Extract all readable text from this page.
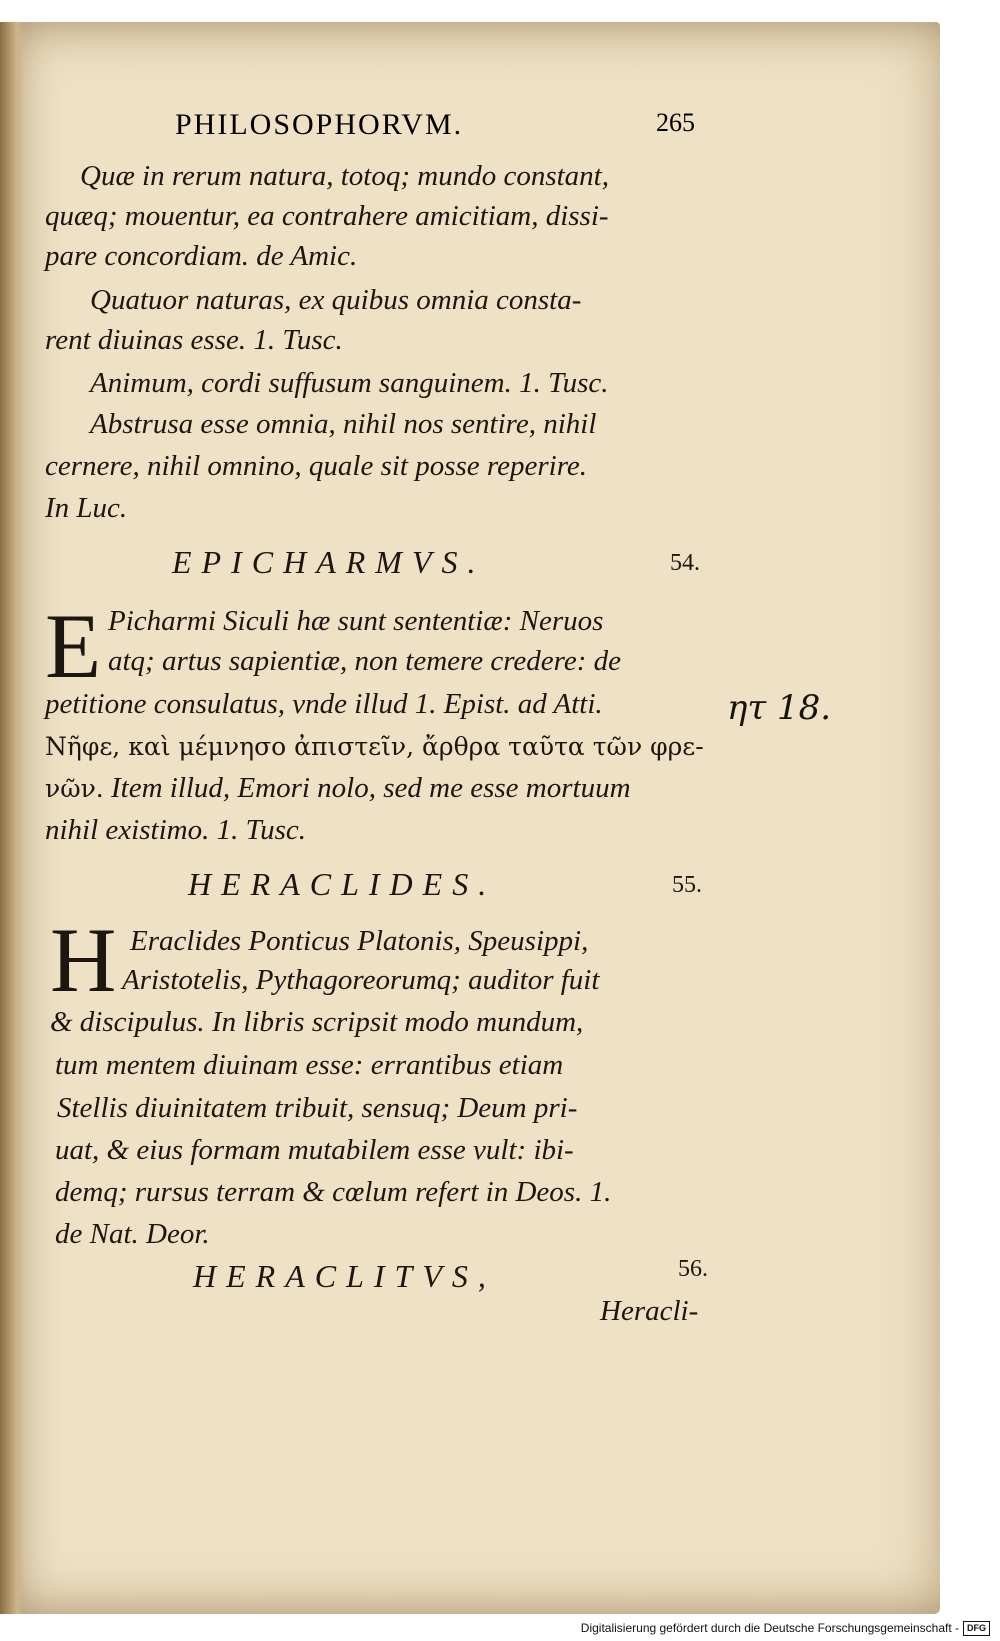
PHILOSOPHORVM.	265
Quæ in rerum natura, totoq; mundo constant,
quæq; mouentur, ea contrahere amicitiam, dissi-
pare concordiam. de Amic.
Quatuor naturas, ex quibus omnia consta-
rent diuinas esse. 1. Tusc.
Animum, cordi suffusum sanguinem. 1. Tusc.
Abstrusa esse omnia, nihil nos sentire, nihil
cernere, nihil omnino, quale sit posse reperire.
In Luc.
EPICHARMVS.	54.
E Picharmi Siculi hæ sunt sententiæ: Neruos
atq; artus sapientiæ, non temere credere: de
petitione consulatus, vnde illud 1. Epist. ad Atti.
Νῆφε, καὶ μέμνησο ἀπιστεῖν, ἄρθρα ταῦτα τῶν φρε-
νῶν. Item illud, Emori nolo, sed me esse mortuum
nihil existimo. 1. Tusc.
ητ 18.
HERACLIDES.	55.
H Eraclides Ponticus Platonis, Speusippi,
Aristotelis, Pythagoreorumq; auditor fuit
& discipulus. In libris scripsit modo mundum,
tum mentem diuinam esse: errantibus etiam
Stellis diuinitatem tribuit, sensuq; Deum pri-
uat, & eius formam mutabilem esse vult: ibi-
demq; rursus terram & cœlum refert in Deos. 1.
de Nat. Deor.
HERACLITVS,	56.
Heracli-
Digitalisierung gefördert durch die Deutsche Forschungsgemeinschaft - DFG
